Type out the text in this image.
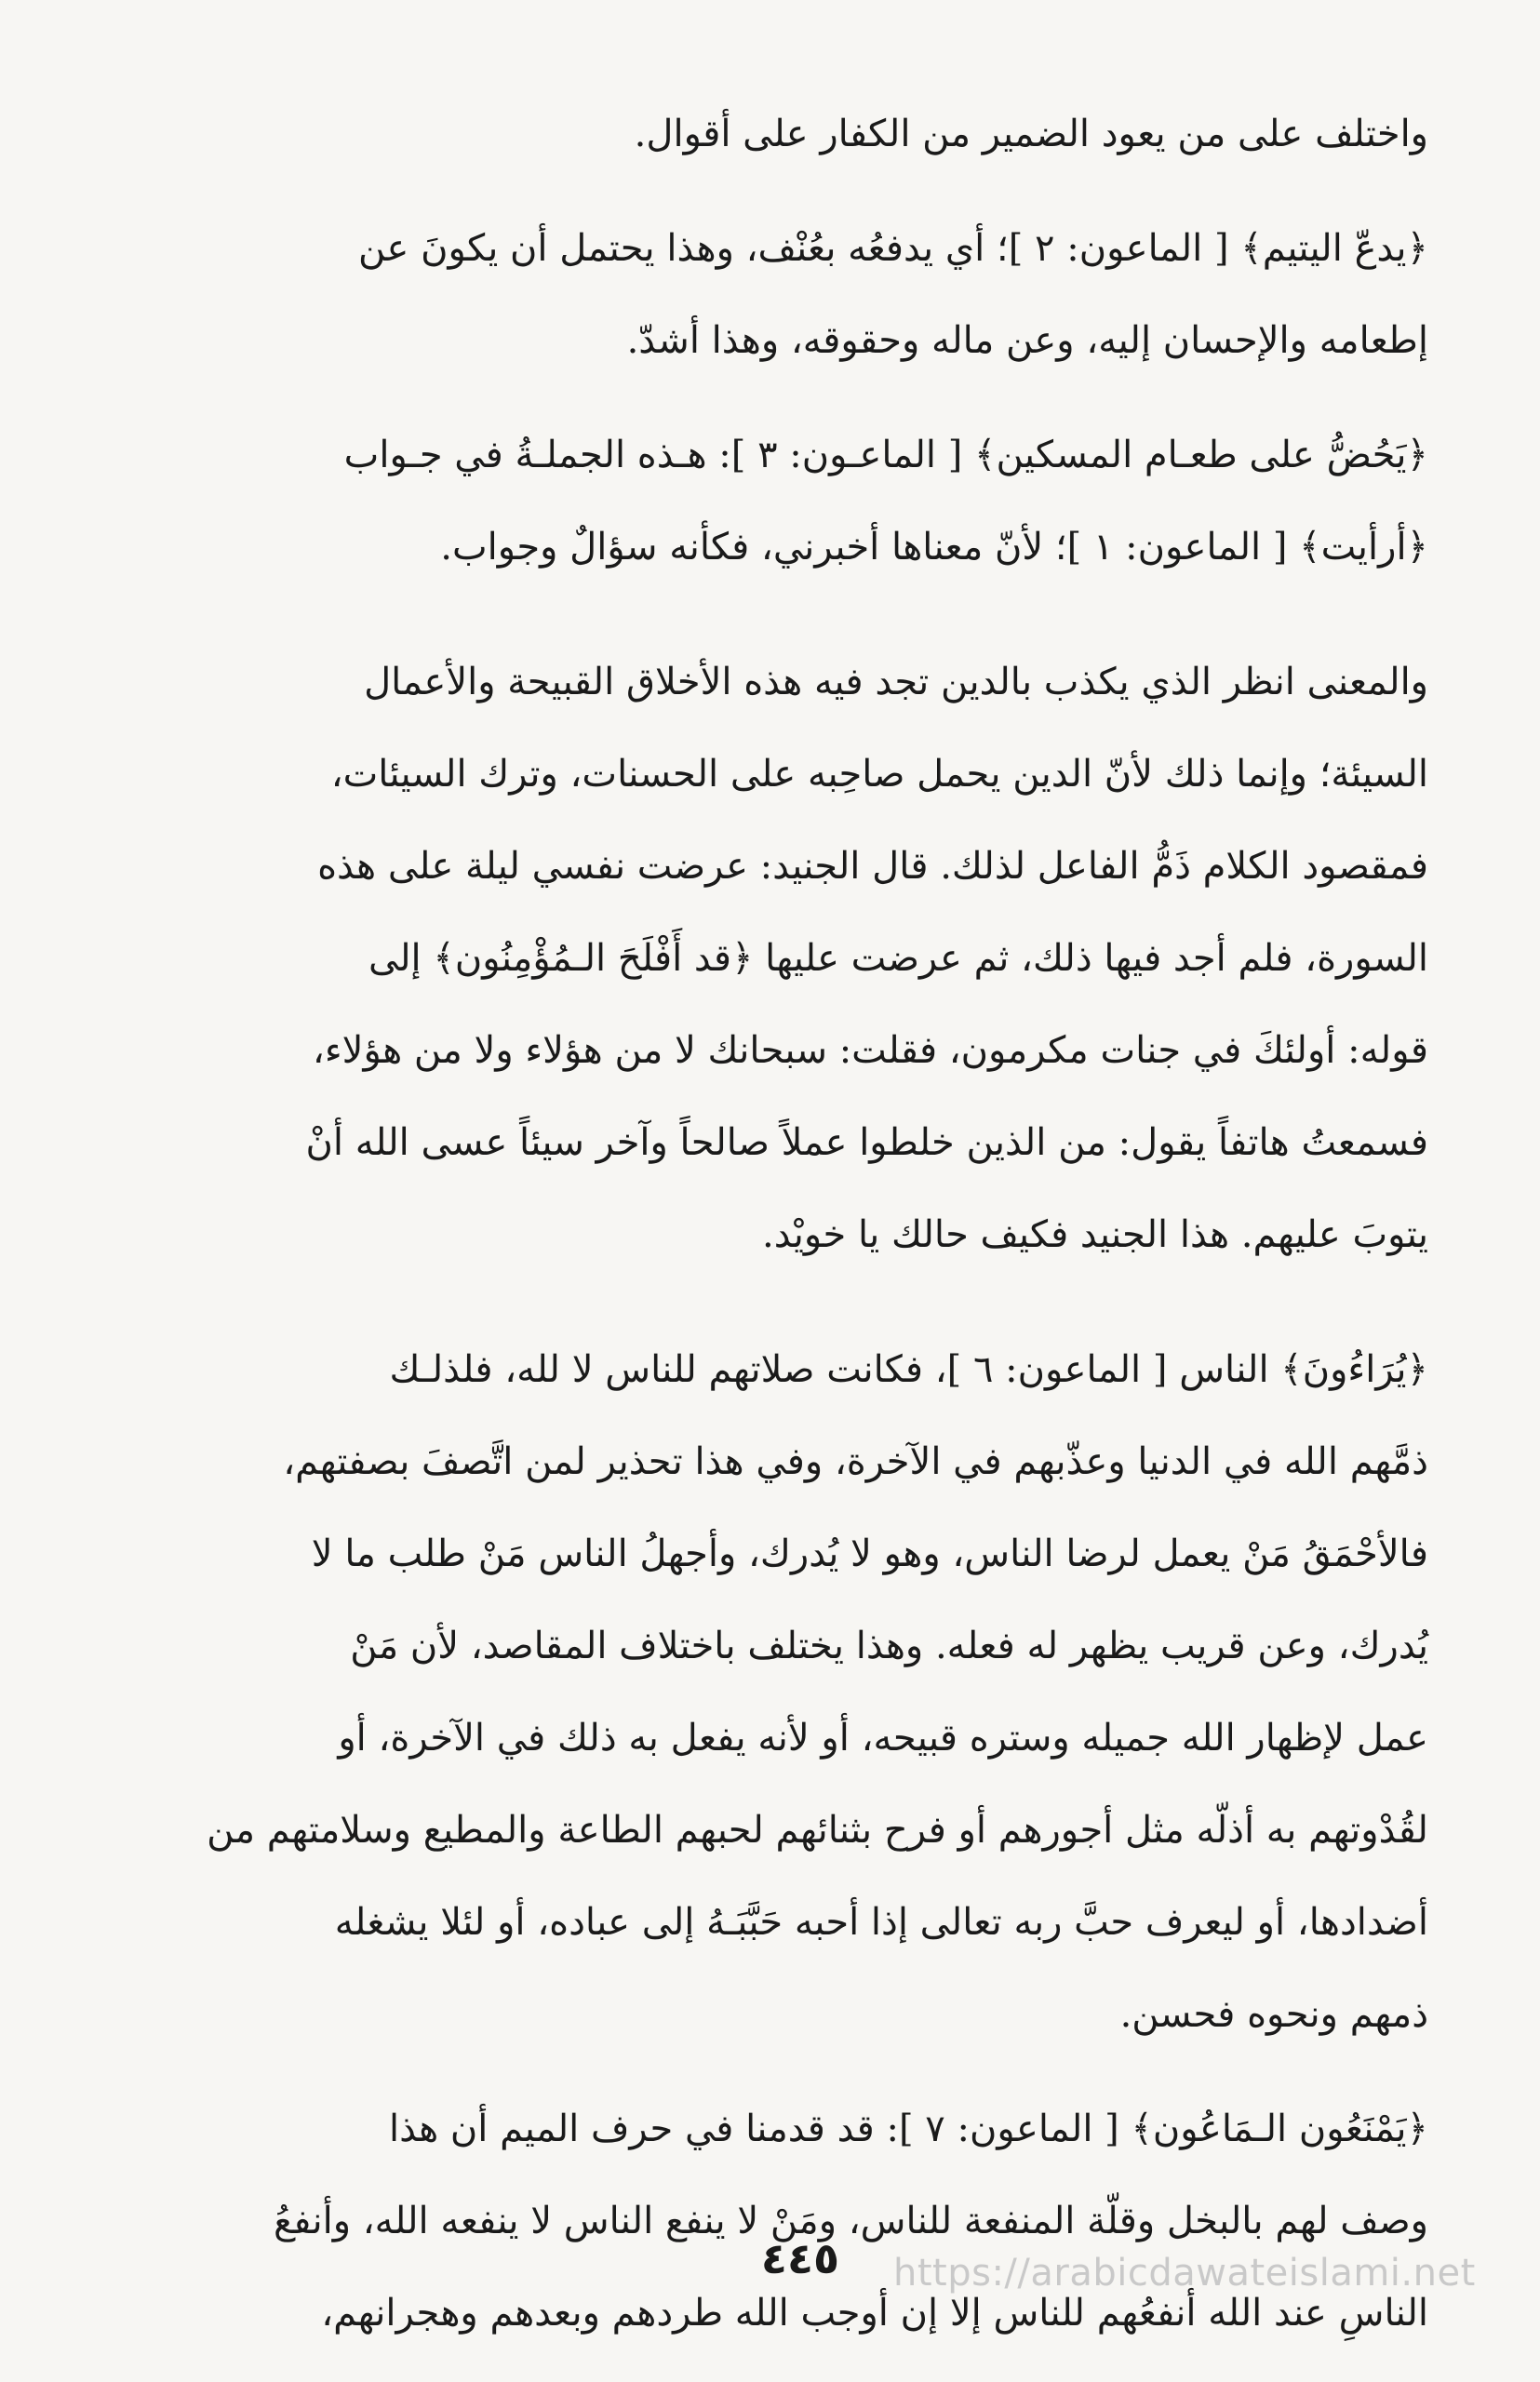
واختلف على من يعود الضمير من الكفار على أقوال.

﴿يدعّ اليتيم﴾ [ الماعون: ٢ ]؛ أي يدفعُه بعُنْف، وهذا يحتمل أن يكونَ عن
إطعامه والإحسان إليه، وعن ماله وحقوقه، وهذا أشدّ.

﴿يَحُضُّ على طعـام المسكين﴾ [ الماعـون: ٣ ]: هـذه الجملـةُ في جـواب
﴿أرأيت﴾ [ الماعون: ١ ]؛ لأنّ معناها أخبرني، فكأنه سؤالٌ وجواب.

والمعنى انظر الذي يكذب بالدين تجد فيه هذه الأخلاق القبيحة والأعمال
السيئة؛ وإنما ذلك لأنّ الدين يحمل صاحِبه على الحسنات، وترك السيئات،
فمقصود الكلام ذَمُّ الفاعل لذلك. قال الجنيد: عرضت نفسي ليلة على هذه
السورة، فلم أجد فيها ذلك، ثم عرضت عليها ﴿قد أَفْلَحَ الـمُؤْمِنُون﴾ إلى
قوله: أولئكَ في جنات مكرمون، فقلت: سبحانك لا من هؤلاء ولا من هؤلاء،
فسمعتُ هاتفاً يقول: من الذين خلطوا عملاً صالحاً وآخر سيئاً عسى الله أنْ
يتوبَ عليهم. هذا الجنيد فكيف حالك يا خويْد.

﴿يُرَاءُونَ﴾ الناس [ الماعون: ٦ ]، فكانت صلاتهم للناس لا لله، فلذلـك
ذمَّهم الله في الدنيا وعذّبهم في الآخرة، وفي هذا تحذير لمن اتَّصفَ بصفتهم،
فالأحْمَقُ مَنْ يعمل لرضا الناس، وهو لا يُدرك، وأجهلُ الناس مَنْ طلب ما لا
يُدرك، وعن قريب يظهر له فعله. وهذا يختلف باختلاف المقاصد، لأن مَنْ
عمل لإظهار الله جميله وستره قبيحه، أو لأنه يفعل به ذلك في الآخرة، أو
لقُدْوتهم به أذلّه مثل أجورهم أو فرح بثنائهم لحبهم الطاعة والمطيع وسلامتهم من
أضدادها، أو ليعرف حبَّ ربه تعالى إذا أحبه حَبَّبَـهُ إلى عباده، أو لئلا يشغله
ذمهم ونحوه فحسن.

﴿يَمْنَعُون الـمَاعُون﴾ [ الماعون: ٧ ]: قد قدمنا في حرف الميم أن هذا
وصف لهم بالبخل وقلّة المنفعة للناس، ومَنْ لا ينفع الناس لا ينفعه الله، وأنفعُ
الناسِ عند الله أنفعُهم للناس إلا إن أوجب الله طردهم وبعدهم وهجرانهم،

٤٤٥	https://arabicdawateislami.net
